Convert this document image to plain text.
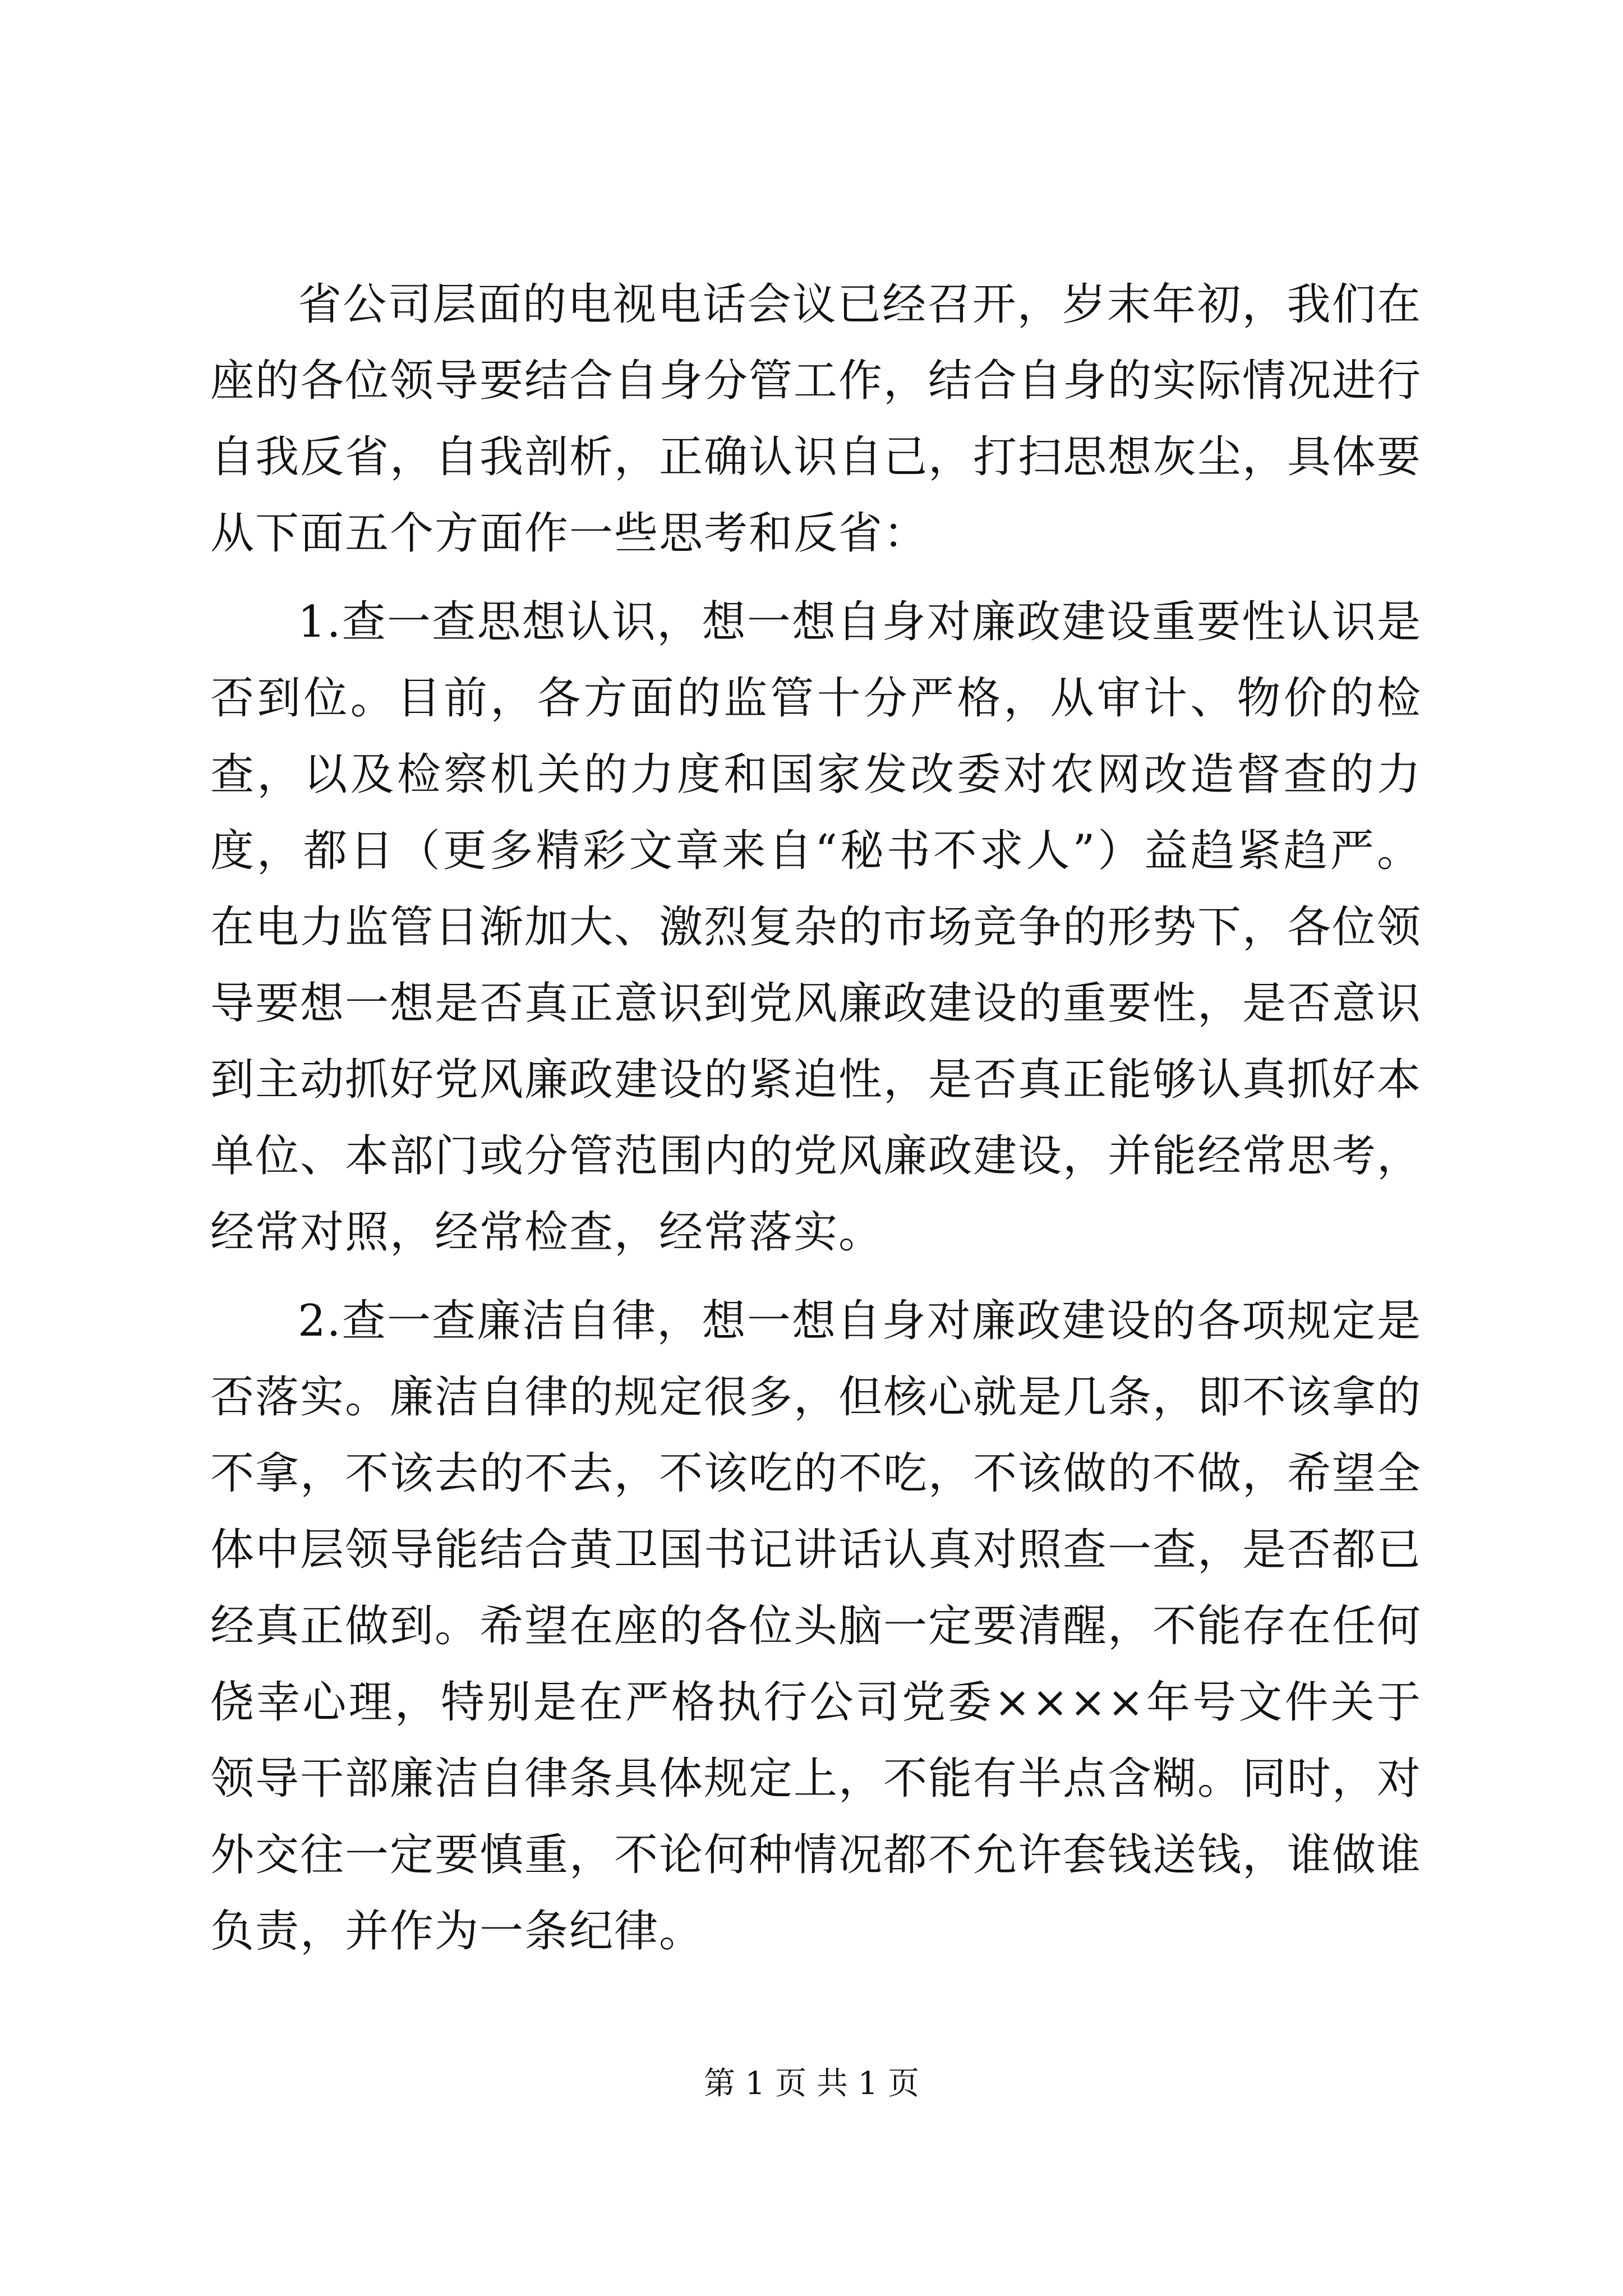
省公司层面的电视电话会议已经召开，岁末年初，我们在座的各位领导要结合自身分管工作，结合自身的实际情况进行自我反省，自我剖析，正确认识自己，打扫思想灰尘，具体要从下面五个方面作一些思考和反省：

1.查一查思想认识，想一想自身对廉政建设重要性认识是否到位。目前，各方面的监管十分严格，从审计、物价的检查，以及检察机关的力度和国家发改委对农网改造督查的力度，都日（更多精彩文章来自“秘书不求人”）益趋紧趋严。在电力监管日渐加大、激烈复杂的市场竞争的形势下，各位领导要想一想是否真正意识到党风廉政建设的重要性，是否意识到主动抓好党风廉政建设的紧迫性，是否真正能够认真抓好本单位、本部门或分管范围内的党风廉政建设，并能经常思考，经常对照，经常检查，经常落实。

2.查一查廉洁自律，想一想自身对廉政建设的各项规定是否落实。廉洁自律的规定很多，但核心就是几条，即不该拿的不拿，不该去的不去，不该吃的不吃，不该做的不做，希望全体中层领导能结合黄卫国书记讲话认真对照查一查，是否都已经真正做到。希望在座的各位头脑一定要清醒，不能存在任何侥幸心理，特别是在严格执行公司党委××××年号文件关于领导干部廉洁自律条具体规定上，不能有半点含糊。同时，对外交往一定要慎重，不论何种情况都不允许套钱送钱，谁做谁负责，并作为一条纪律。

第 1 页 共 1 页
